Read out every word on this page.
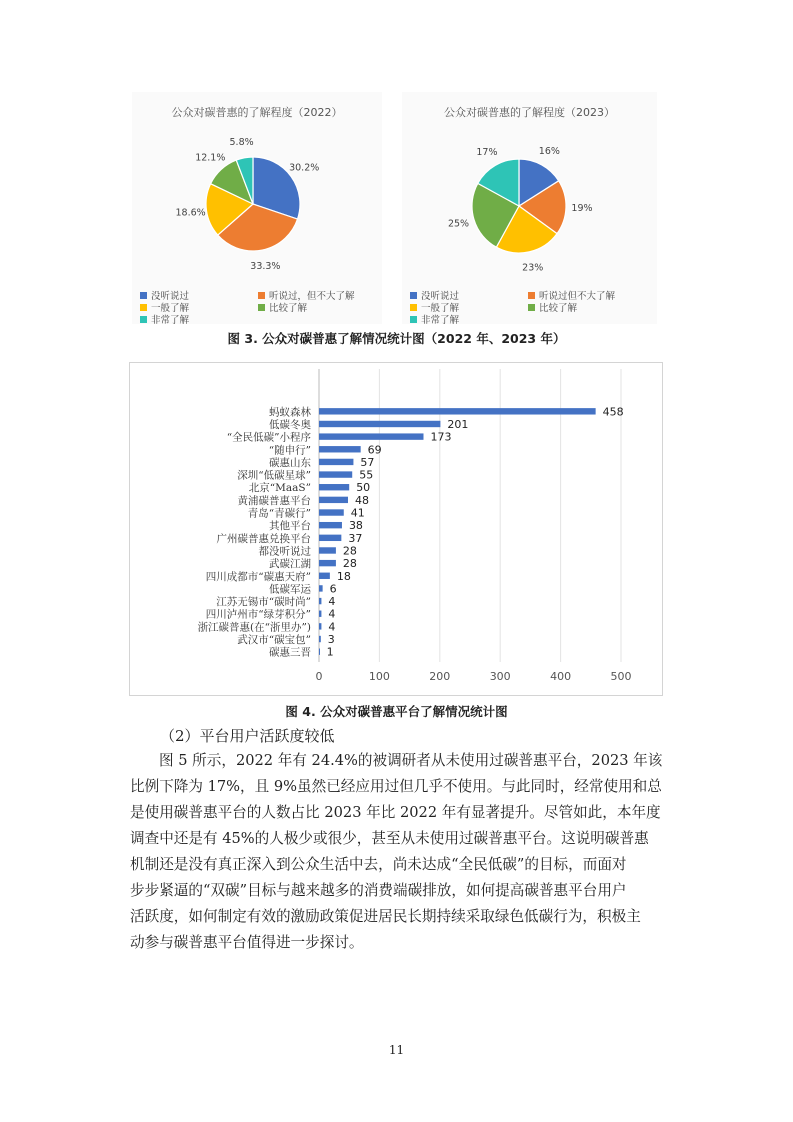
公众对碳普惠的了解程度（2022）
30.2%
33.3%
18.6%
12.1%
5.8%
没听说过	听说过，但不大了解
一般了解	比较了解
非常了解
公众对碳普惠的了解程度（2023）
16%
19%
23%
25%
17%
没听说过	听说过但不大了解
一般了解	比较了解
非常了解
图 3. 公众对碳普惠了解情况统计图（2022 年、2023 年）
0	100	200	300	400	500
蚂蚁森林	458
低碳冬奥	201
“全民低碳”小程序	173
“随申行”	69
碳惠山东	57
深圳“低碳星球”	55
北京“MaaS”	50
黄浦碳普惠平台	48
青岛“青碳行”	41
其他平台	38
广州碳普惠兑换平台	37
都没听说过	28
武碳江湖	28
四川成都市“碳惠天府” 18
低碳军运 6
江苏无锡市“碳时尚” 4
四川泸州市“绿芽积分” 4
浙江碳普惠(在“浙里办”) 4
武汉市“碳宝包” 3
碳惠三晋 1
图 4. 公众对碳普惠平台了解情况统计图
（2）平台用户活跃度较低
图 5 所示，2022 年有 24.4%的被调研者从未使用过碳普惠平台，2023 年该
比例下降为 17%，且 9%虽然已经应用过但几乎不使用。与此同时，经常使用和总
是使用碳普惠平台的人数占比 2023 年比 2022 年有显著提升。尽管如此，本年度
调查中还是有 45%的人极少或很少，甚至从未使用过碳普惠平台。这说明碳普惠
机制还是没有真正深入到公众生活中去，尚未达成“全民低碳”的目标，而面对
步步紧逼的“双碳”目标与越来越多的消费端碳排放，如何提高碳普惠平台用户
活跃度，如何制定有效的激励政策促进居民长期持续采取绿色低碳行为，积极主
动参与碳普惠平台值得进一步探讨。
11
